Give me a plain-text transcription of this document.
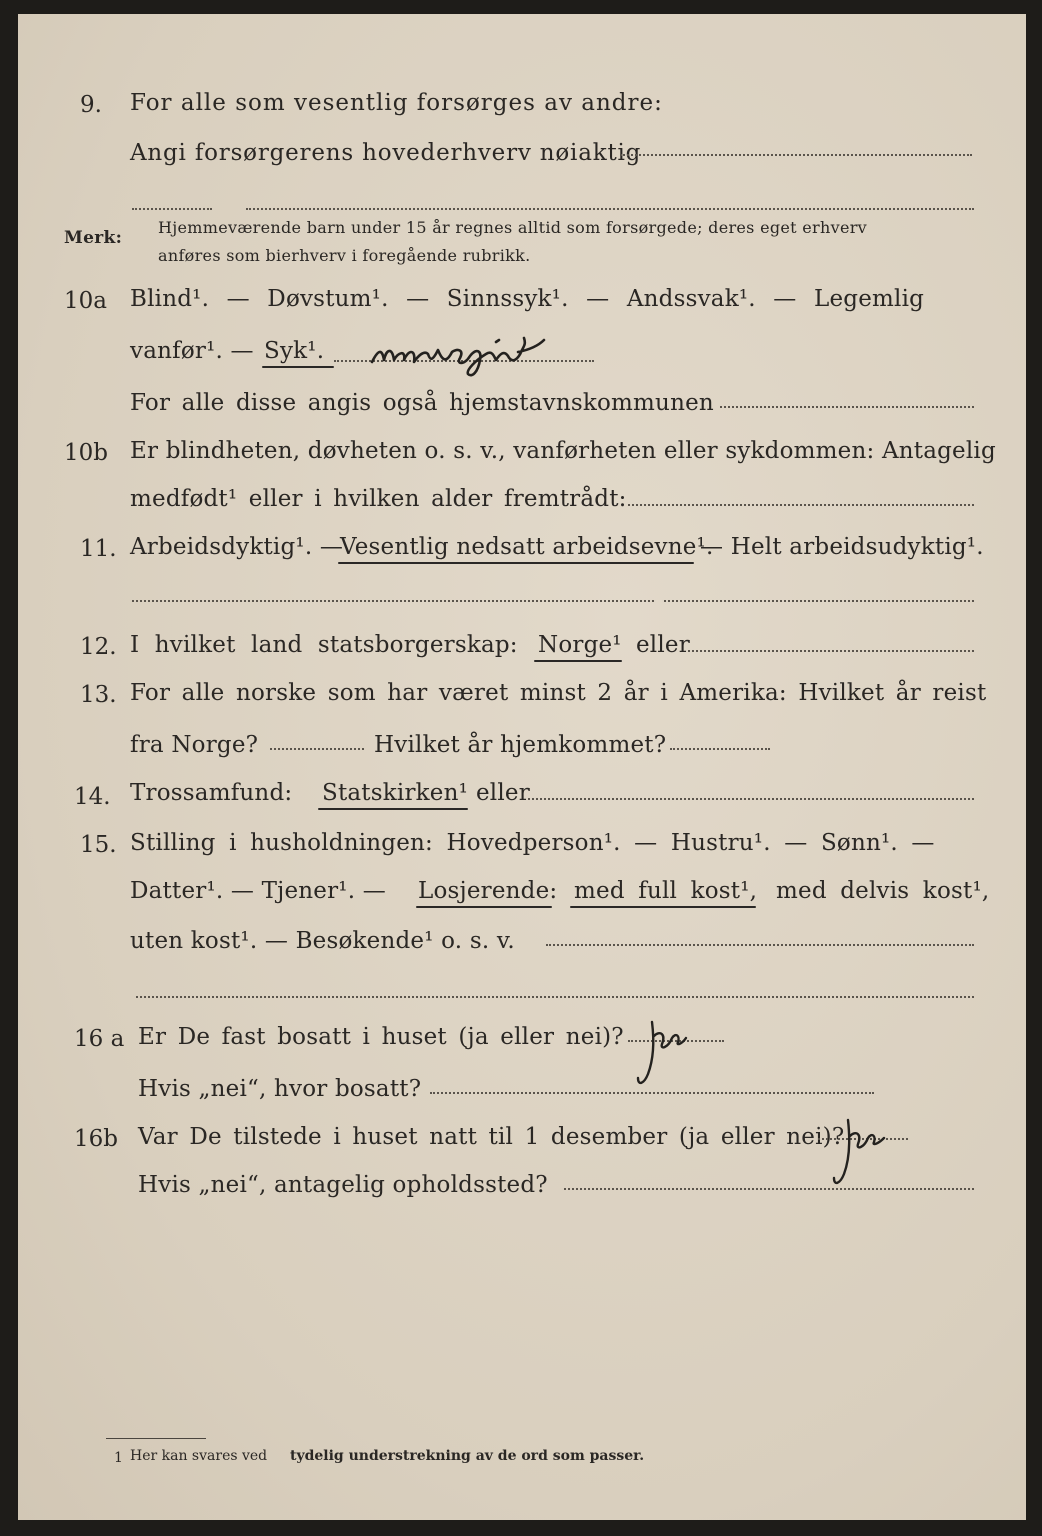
9. For alle som vesentlig forsørges av andre:
Angi forsørgerens hovederhverv nøiaktig
Merk:
Hjemmeværende barn under 15 år regnes alltid som forsørgede; deres eget erhverv
anføres som bierhverv i foregående rubrikk.
10a Blind¹. — Døvstum¹. — Sinnssyk¹. — Andssvak¹. — Legemlig
vanfør¹. — Syk¹.
For alle disse angis også hjemstavnskommunen
10b Er blindheten, døvheten o. s. v., vanførheten eller sykdommen: Antagelig
medfødt¹ eller i hvilken alder fremtrådt:
11. Arbeidsdyktig¹. —
Vesentlig nedsatt arbeidsevne¹.
— Helt arbeidsudyktig¹.
12. I hvilket land statsborgerskap: Norge¹ eller
13. For alle norske som har været minst 2 år i Amerika: Hvilket år reist
fra Norge?	Hvilket år hjemkommet?
14. Trossamfund: Statskirken¹ eller
15. Stilling i husholdningen: Hovedperson¹. — Hustru¹. — Sønn¹. —
Datter¹. — Tjener¹. — Losjerende: med full kost¹, med delvis kost¹,
uten kost¹. — Besøkende¹ o. s. v.
16 a Er De fast bosatt i huset (ja eller nei)?
Hvis „nei“, hvor bosatt?
16b Var De tilstede i huset natt til 1 desember (ja eller nei)?
Hvis „nei“, antagelig opholdssted?
1 Her kan svares ved tydelig understrekning av de ord som passer.
